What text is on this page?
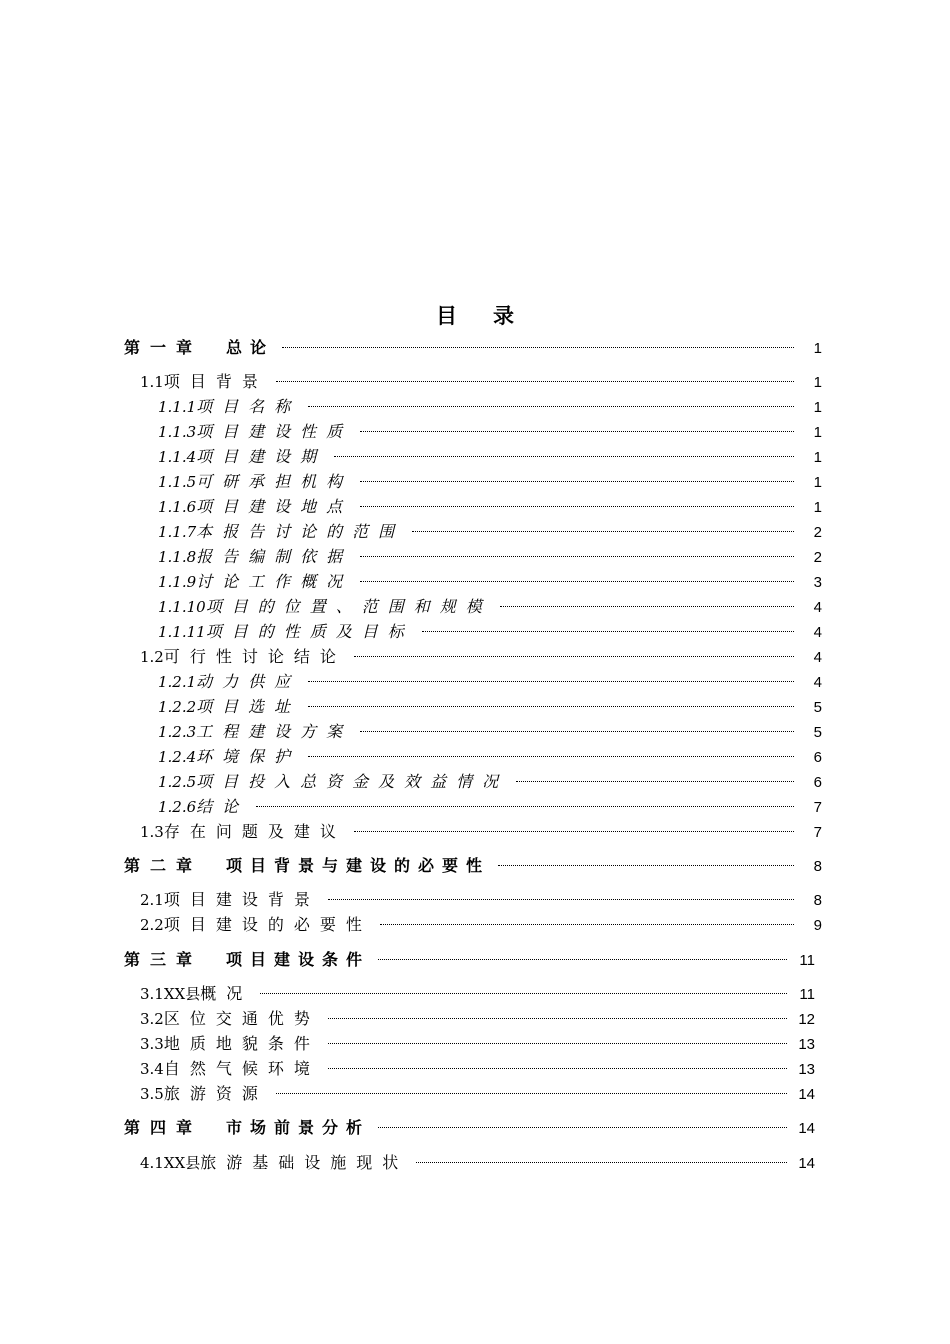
目 录
第一章 总论	1
1.1项目背景	1
1.1.1项目名称	1
1.1.3项目建设性质	1
1.1.4项目建设期	1
1.1.5可研承担机构	1
1.1.6项目建设地点	1
1.1.7本报告讨论的范围	2
1.1.8报告编制依据	2
1.1.9讨论工作概况	3
1.1.10项目的位置、范围和规模	4
1.1.11项目的性质及目标	4
1.2可行性讨论结论	4
1.2.1动力供应	4
1.2.2项目选址	5
1.2.3工程建设方案	5
1.2.4环境保护	6
1.2.5项目投入总资金及效益情况	6
1.2.6结论	7
1.3存在问题及建议	7
第二章 项目背景与建设的必要性	8
2.1项目建设背景	8
2.2项目建设的必要性	9
第三章 项目建设条件	11
3.1XX县概况	11
3.2区位交通优势	12
3.3地质地貌条件	13
3.4自然气候环境	13
3.5旅游资源	14
第四章 市场前景分析	14
4.1XX县旅游基础设施现状	14
